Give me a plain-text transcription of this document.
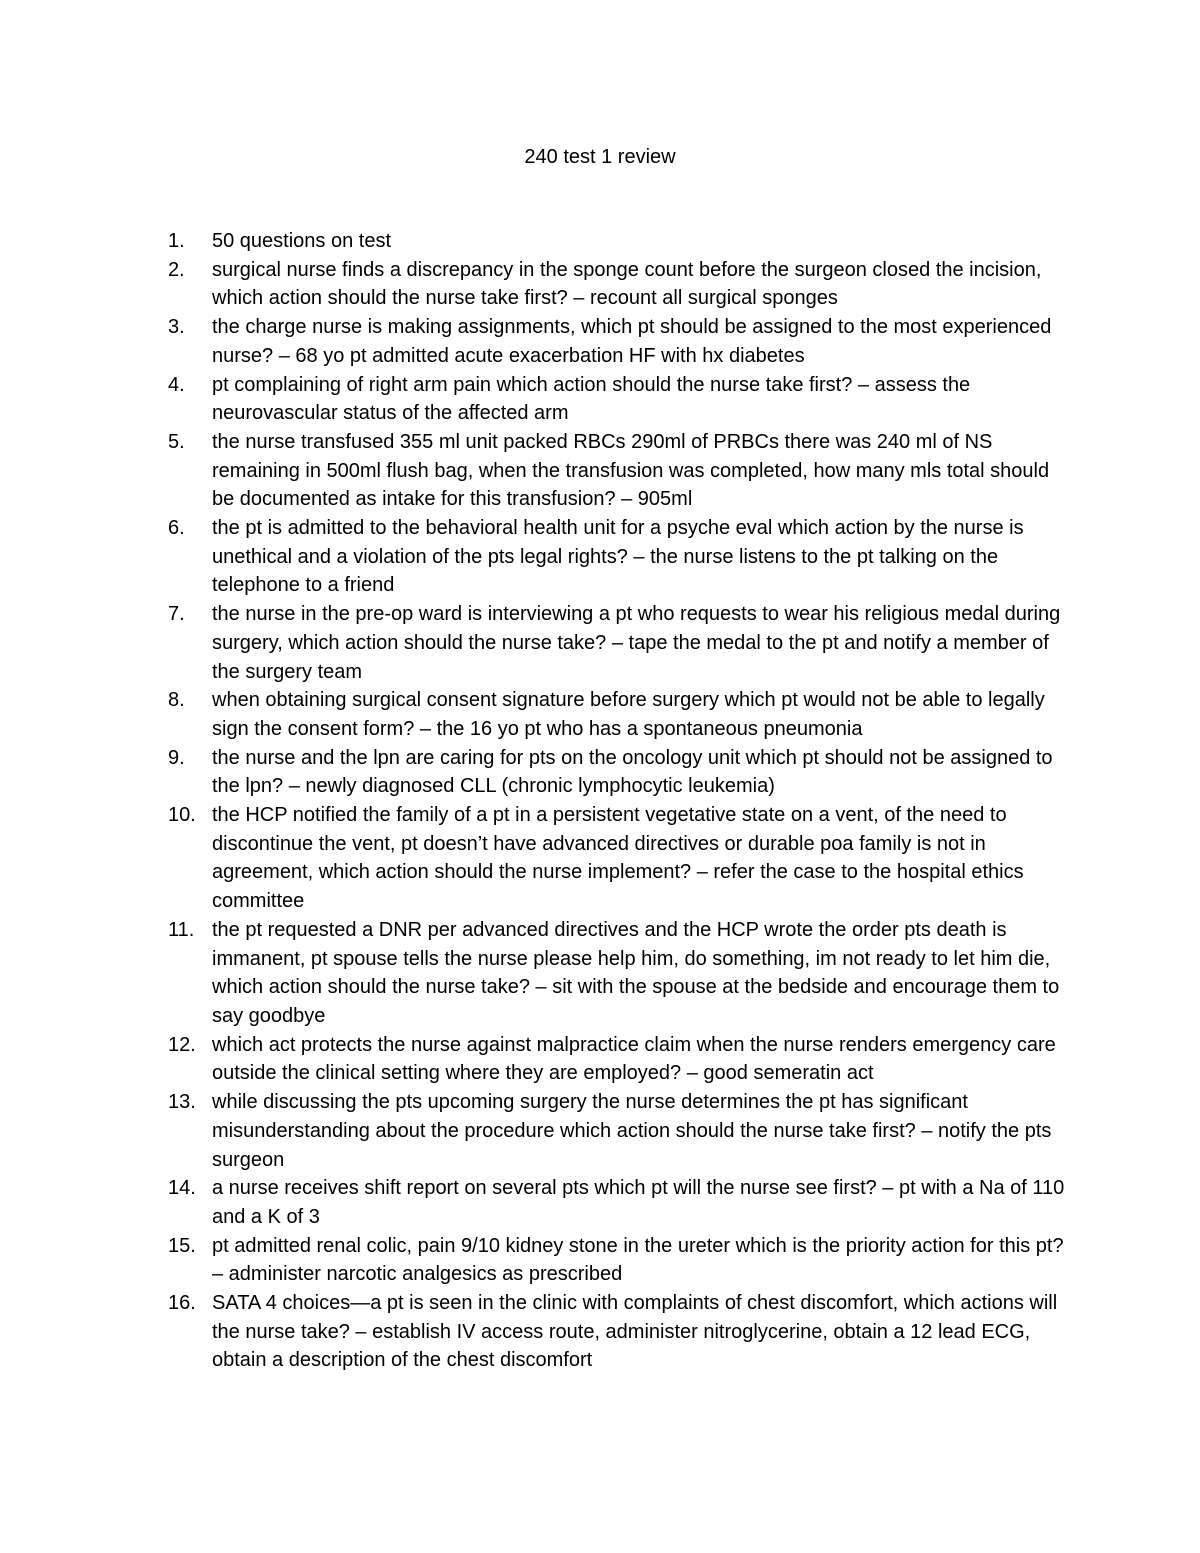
240 test 1 review
1.	50 questions on test
2.	surgical nurse finds a discrepancy in the sponge count before the surgeon closed the incision, which action should the nurse take first? – recount all surgical sponges
3.	the charge nurse is making assignments, which pt should be assigned to the most experienced nurse? – 68 yo pt admitted acute exacerbation HF with hx diabetes
4.	pt complaining of right arm pain which action should the nurse take first? – assess the neurovascular status of the affected arm
5.	the nurse transfused 355 ml unit packed RBCs 290ml of PRBCs there was 240 ml of NS remaining in 500ml flush bag, when the transfusion was completed, how many mls total should be documented as intake for this transfusion? – 905ml
6.	the pt is admitted to the behavioral health unit for a psyche eval which action by the nurse is unethical and a violation of the pts legal rights? – the nurse listens to the pt talking on the telephone to a friend
7.	the nurse in the pre-op ward is interviewing a pt who requests to wear his religious medal during surgery, which action should the nurse take? – tape the medal to the pt and notify a member of the surgery team
8.	when obtaining surgical consent signature before surgery which pt would not be able to legally sign the consent form? – the 16 yo pt who has a spontaneous pneumonia
9.	the nurse and the lpn are caring for pts on the oncology unit which pt should not be assigned to the lpn? – newly diagnosed CLL (chronic lymphocytic leukemia)
10. the HCP notified the family of a pt in a persistent vegetative state on a vent, of the need to discontinue the vent, pt doesn’t have advanced directives or durable poa family is not in agreement, which action should the nurse implement? – refer the case to the hospital ethics committee
11. the pt requested a DNR per advanced directives and the HCP wrote the order pts death is immanent, pt spouse tells the nurse please help him, do something, im not ready to let him die, which action should the nurse take? – sit with the spouse at the bedside and encourage them to say goodbye
12. which act protects the nurse against malpractice claim when the nurse renders emergency care outside the clinical setting where they are employed? – good semeratin act
13. while discussing the pts upcoming surgery the nurse determines the pt has significant misunderstanding about the procedure which action should the nurse take first? – notify the pts surgeon
14. a nurse receives shift report on several pts which pt will the nurse see first? – pt with a Na of 110 and a K of 3
15. pt admitted renal colic, pain 9/10 kidney stone in the ureter which is the priority action for this pt? – administer narcotic analgesics as prescribed
16. SATA 4 choices—a pt is seen in the clinic with complaints of chest discomfort, which actions will the nurse take? – establish IV access route, administer nitroglycerine, obtain a 12 lead ECG, obtain a description of the chest discomfort
